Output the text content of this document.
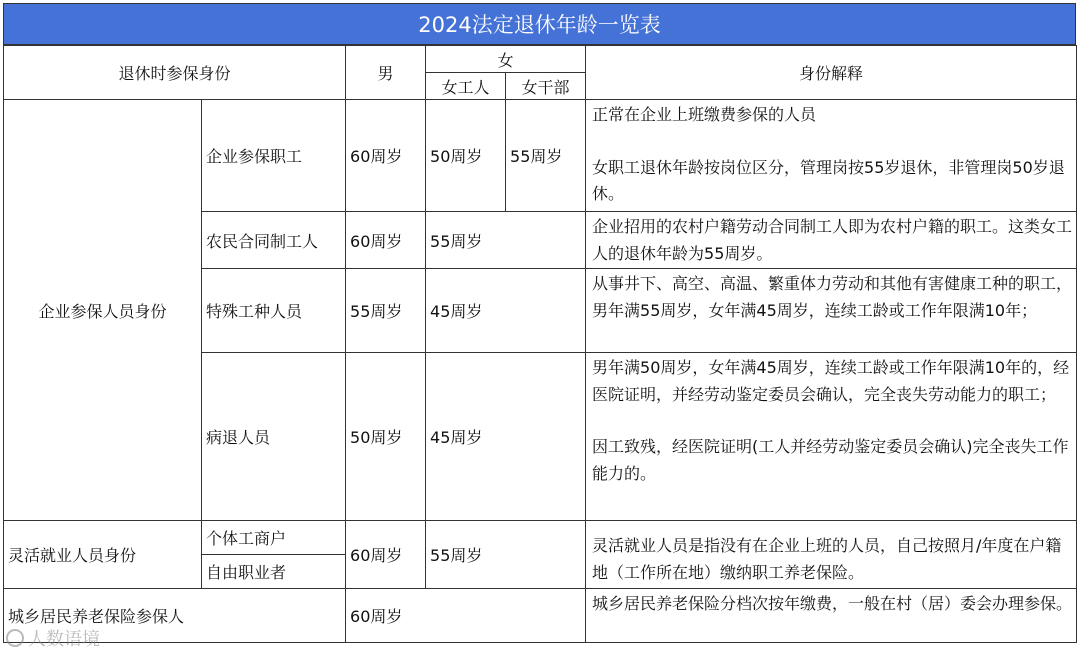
2024法定退休年龄一览表
退休时参保身份		男	女		身份解释
			女工人	女干部	
企业参保人员身份	企业参保职工	60周岁	50周岁	55周岁	正常在企业上班缴费参保的人员

女职工退休年龄按岗位区分，管理岗按55岁退休，非管理岗50岁退休。

	农民合同制工人	60周岁	55周岁		企业招用的农村户籍劳动合同制工人即为农村户籍的职工。这类女工人的退休年龄为55周岁。

	特殊工种人员	55周岁	45周岁		从事井下、高空、高温、繁重体力劳动和其他有害健康工种的职工，男年满55周岁，女年满45周岁，连续工龄或工作年限满10年；

	病退人员	50周岁	45周岁		男年满50周岁，女年满45周岁，连续工龄或工作年限满10年的，经医院证明，并经劳动鉴定委员会确认，完全丧失劳动能力的职工；

因工致残，经医院证明(工人并经劳动鉴定委员会确认)完全丧失工作能力的。

灵活就业人员身份	个体工商户	60周岁	55周岁		灵活就业人员是指没有在企业上班的人员，自己按照月/年度在户籍地（工作所在地）缴纳职工养老保险。

	自由职业者				
城乡居民养老保险参保人		60周岁			城乡居民养老保险分档次按年缴费，一般在村（居）委会办理参保。

人数语境
